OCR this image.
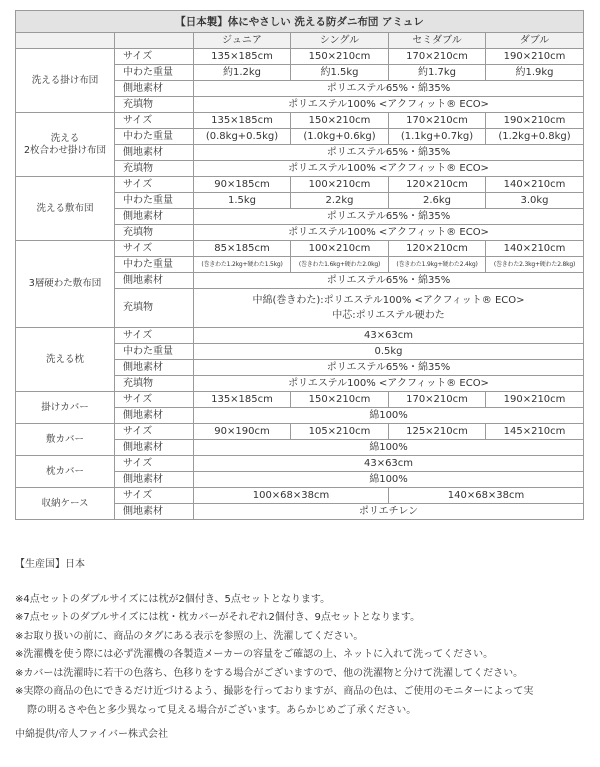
【日本製】体にやさしい 洗える防ダニ布団 アミュレ					
		ジュニア	シングル	セミダブル	ダブル
洗える掛け布団	サイズ	135×185cm	150×210cm	170×210cm	190×210cm
	中わた重量	約1.2kg	約1.5kg	約1.7kg	約1.9kg
	側地素材	ポリエステル65%・綿35%			
	充填物	ポリエステル100% <アクフィット® ECO>			
洗える
2枚合わせ掛け布団	サイズ	135×185cm	150×210cm	170×210cm	190×210cm
	中わた重量	(0.8kg+0.5kg)	(1.0kg+0.6kg)	(1.1kg+0.7kg)	(1.2kg+0.8kg)
	側地素材	ポリエステル65%・綿35%			
	充填物	ポリエステル100% <アクフィット® ECO>			
洗える敷布団	サイズ	90×185cm	100×210cm	120×210cm	140×210cm
	中わた重量	1.5kg	2.2kg	2.6kg	3.0kg
	側地素材	ポリエステル65%・綿35%			
	充填物	ポリエステル100% <アクフィット® ECO>			
3層硬わた敷布団	サイズ	85×185cm	100×210cm	120×210cm	140×210cm
	中わた重量	(巻きわた1.2kg+硬わた1.5kg)	(巻きわた1.6kg+硬わた2.0kg)	(巻きわた1.9kg+硬わた2.4kg)	(巻きわた2.3kg+硬わた2.8kg)
	側地素材	ポリエステル65%・綿35%			
	充填物	中綿(巻きわた):ポリエステル100% <アクフィット® ECO>
中芯:ポリエステル硬わた			

洗える枕	サイズ	43×63cm			
	中わた重量	0.5kg			
	側地素材	ポリエステル65%・綿35%			
	充填物	ポリエステル100% <アクフィット® ECO>			
掛けカバー	サイズ	135×185cm	150×210cm	170×210cm	190×210cm
	側地素材	綿100%			
敷カバー	サイズ	90×190cm	105×210cm	125×210cm	145×210cm
	側地素材	綿100%			
枕カバー	サイズ	43×63cm			
	側地素材	綿100%			
収納ケース	サイズ	100×68×38cm		140×68×38cm	
	側地素材	ポリエチレン			

【生産国】日本

※4点セットのダブルサイズには枕が2個付き、5点セットとなります。

※7点セットのダブルサイズには枕・枕カバーがそれぞれ2個付き、9点セットとなります。

※お取り扱いの前に、商品のタグにある表示を参照の上、洗濯してください。

※洗濯機を使う際には必ず洗濯機の各製造メーカーの容量をご確認の上、ネットに入れて洗ってください。

※カバーは洗濯時に若干の色落ち、色移りをする場合がございますので、他の洗濯物と分けて洗濯してください。

※実際の商品の色にできるだけ近づけるよう、撮影を行っておりますが、商品の色は、ご使用のモニターによって実

際の明るさや色と多少異なって見える場合がございます。あらかじめご了承ください。

中綿提供/帝人ファイバー株式会社
